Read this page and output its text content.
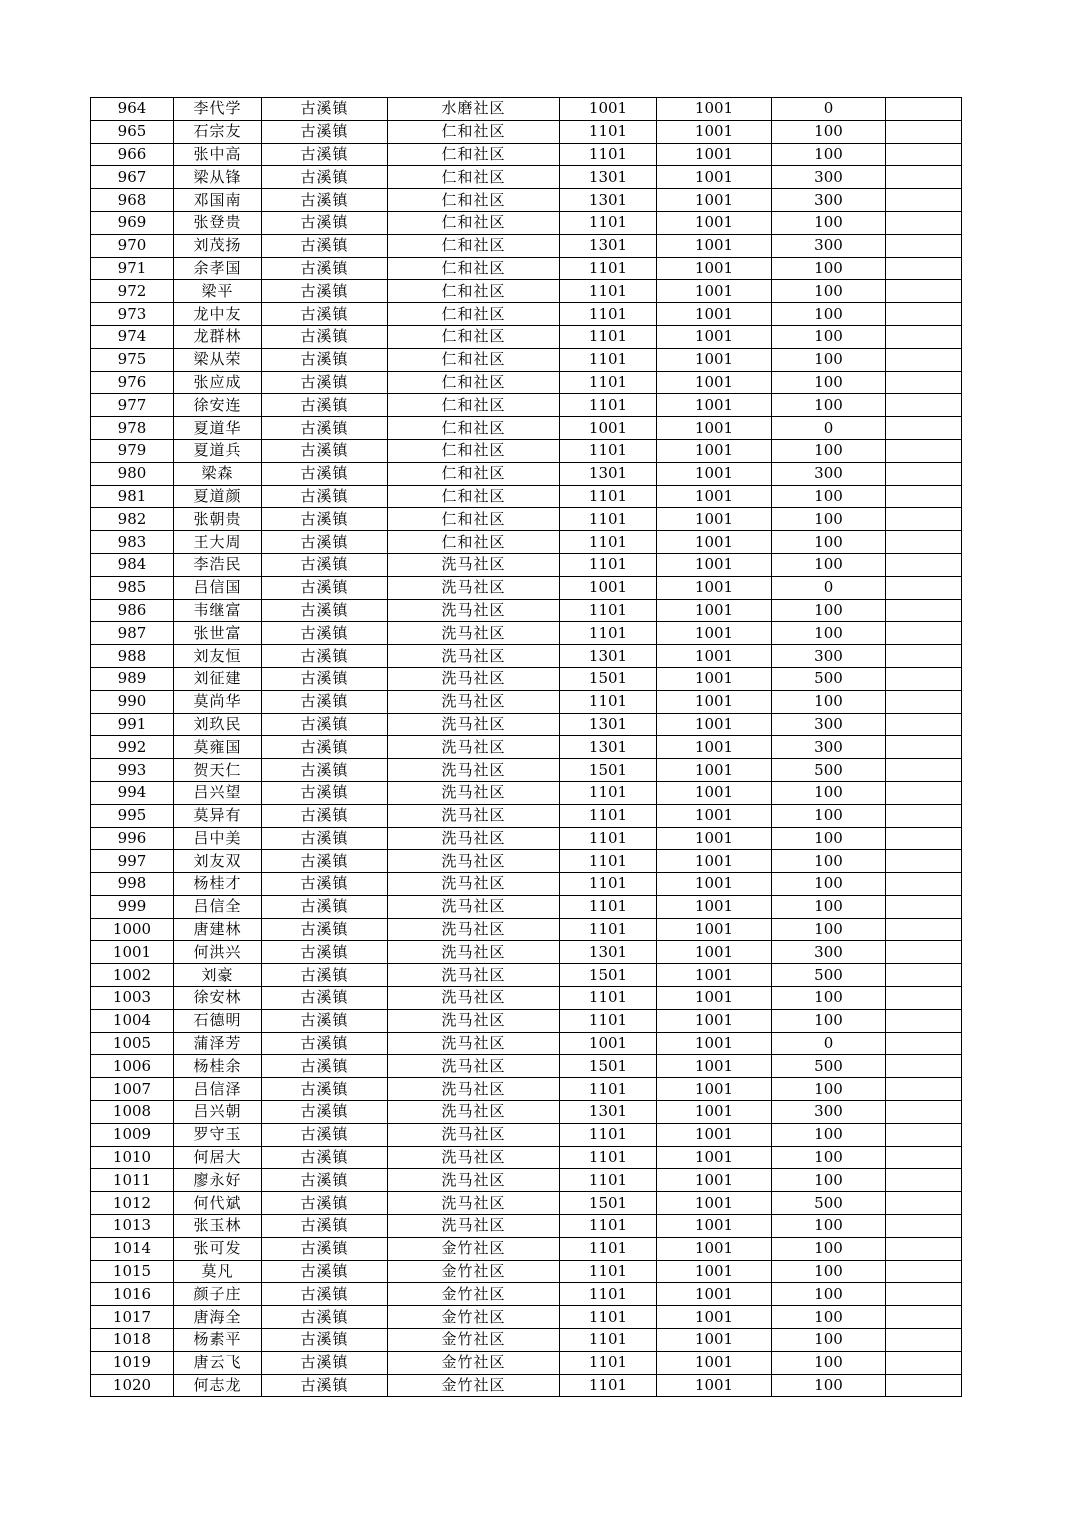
964	李代学	古溪镇	水磨社区	1001	1001	0	
965	石宗友	古溪镇	仁和社区	1101	1001	100	
966	张中高	古溪镇	仁和社区	1101	1001	100	
967	梁从锋	古溪镇	仁和社区	1301	1001	300	
968	邓国南	古溪镇	仁和社区	1301	1001	300	
969	张登贵	古溪镇	仁和社区	1101	1001	100	
970	刘茂扬	古溪镇	仁和社区	1301	1001	300	
971	余孝国	古溪镇	仁和社区	1101	1001	100	
972	梁平	古溪镇	仁和社区	1101	1001	100	
973	龙中友	古溪镇	仁和社区	1101	1001	100	
974	龙群林	古溪镇	仁和社区	1101	1001	100	
975	梁从荣	古溪镇	仁和社区	1101	1001	100	
976	张应成	古溪镇	仁和社区	1101	1001	100	
977	徐安连	古溪镇	仁和社区	1101	1001	100	
978	夏道华	古溪镇	仁和社区	1001	1001	0	
979	夏道兵	古溪镇	仁和社区	1101	1001	100	
980	梁森	古溪镇	仁和社区	1301	1001	300	
981	夏道颜	古溪镇	仁和社区	1101	1001	100	
982	张朝贵	古溪镇	仁和社区	1101	1001	100	
983	王大周	古溪镇	仁和社区	1101	1001	100	
984	李浩民	古溪镇	洗马社区	1101	1001	100	
985	吕信国	古溪镇	洗马社区	1001	1001	0	
986	韦继富	古溪镇	洗马社区	1101	1001	100	
987	张世富	古溪镇	洗马社区	1101	1001	100	
988	刘友恒	古溪镇	洗马社区	1301	1001	300	
989	刘征建	古溪镇	洗马社区	1501	1001	500	
990	莫尚华	古溪镇	洗马社区	1101	1001	100	
991	刘玖民	古溪镇	洗马社区	1301	1001	300	
992	莫雍国	古溪镇	洗马社区	1301	1001	300	
993	贺天仁	古溪镇	洗马社区	1501	1001	500	
994	吕兴望	古溪镇	洗马社区	1101	1001	100	
995	莫异有	古溪镇	洗马社区	1101	1001	100	
996	吕中美	古溪镇	洗马社区	1101	1001	100	
997	刘友双	古溪镇	洗马社区	1101	1001	100	
998	杨桂才	古溪镇	洗马社区	1101	1001	100	
999	吕信全	古溪镇	洗马社区	1101	1001	100	
1000	唐建林	古溪镇	洗马社区	1101	1001	100	
1001	何洪兴	古溪镇	洗马社区	1301	1001	300	
1002	刘豪	古溪镇	洗马社区	1501	1001	500	
1003	徐安林	古溪镇	洗马社区	1101	1001	100	
1004	石德明	古溪镇	洗马社区	1101	1001	100	
1005	蒲泽芳	古溪镇	洗马社区	1001	1001	0	
1006	杨桂余	古溪镇	洗马社区	1501	1001	500	
1007	吕信泽	古溪镇	洗马社区	1101	1001	100	
1008	吕兴朝	古溪镇	洗马社区	1301	1001	300	
1009	罗守玉	古溪镇	洗马社区	1101	1001	100	
1010	何居大	古溪镇	洗马社区	1101	1001	100	
1011	廖永好	古溪镇	洗马社区	1101	1001	100	
1012	何代斌	古溪镇	洗马社区	1501	1001	500	
1013	张玉林	古溪镇	洗马社区	1101	1001	100	
1014	张可发	古溪镇	金竹社区	1101	1001	100	
1015	莫凡	古溪镇	金竹社区	1101	1001	100	
1016	颜子庄	古溪镇	金竹社区	1101	1001	100	
1017	唐海全	古溪镇	金竹社区	1101	1001	100	
1018	杨素平	古溪镇	金竹社区	1101	1001	100	
1019	唐云飞	古溪镇	金竹社区	1101	1001	100	
1020	何志龙	古溪镇	金竹社区	1101	1001	100	
